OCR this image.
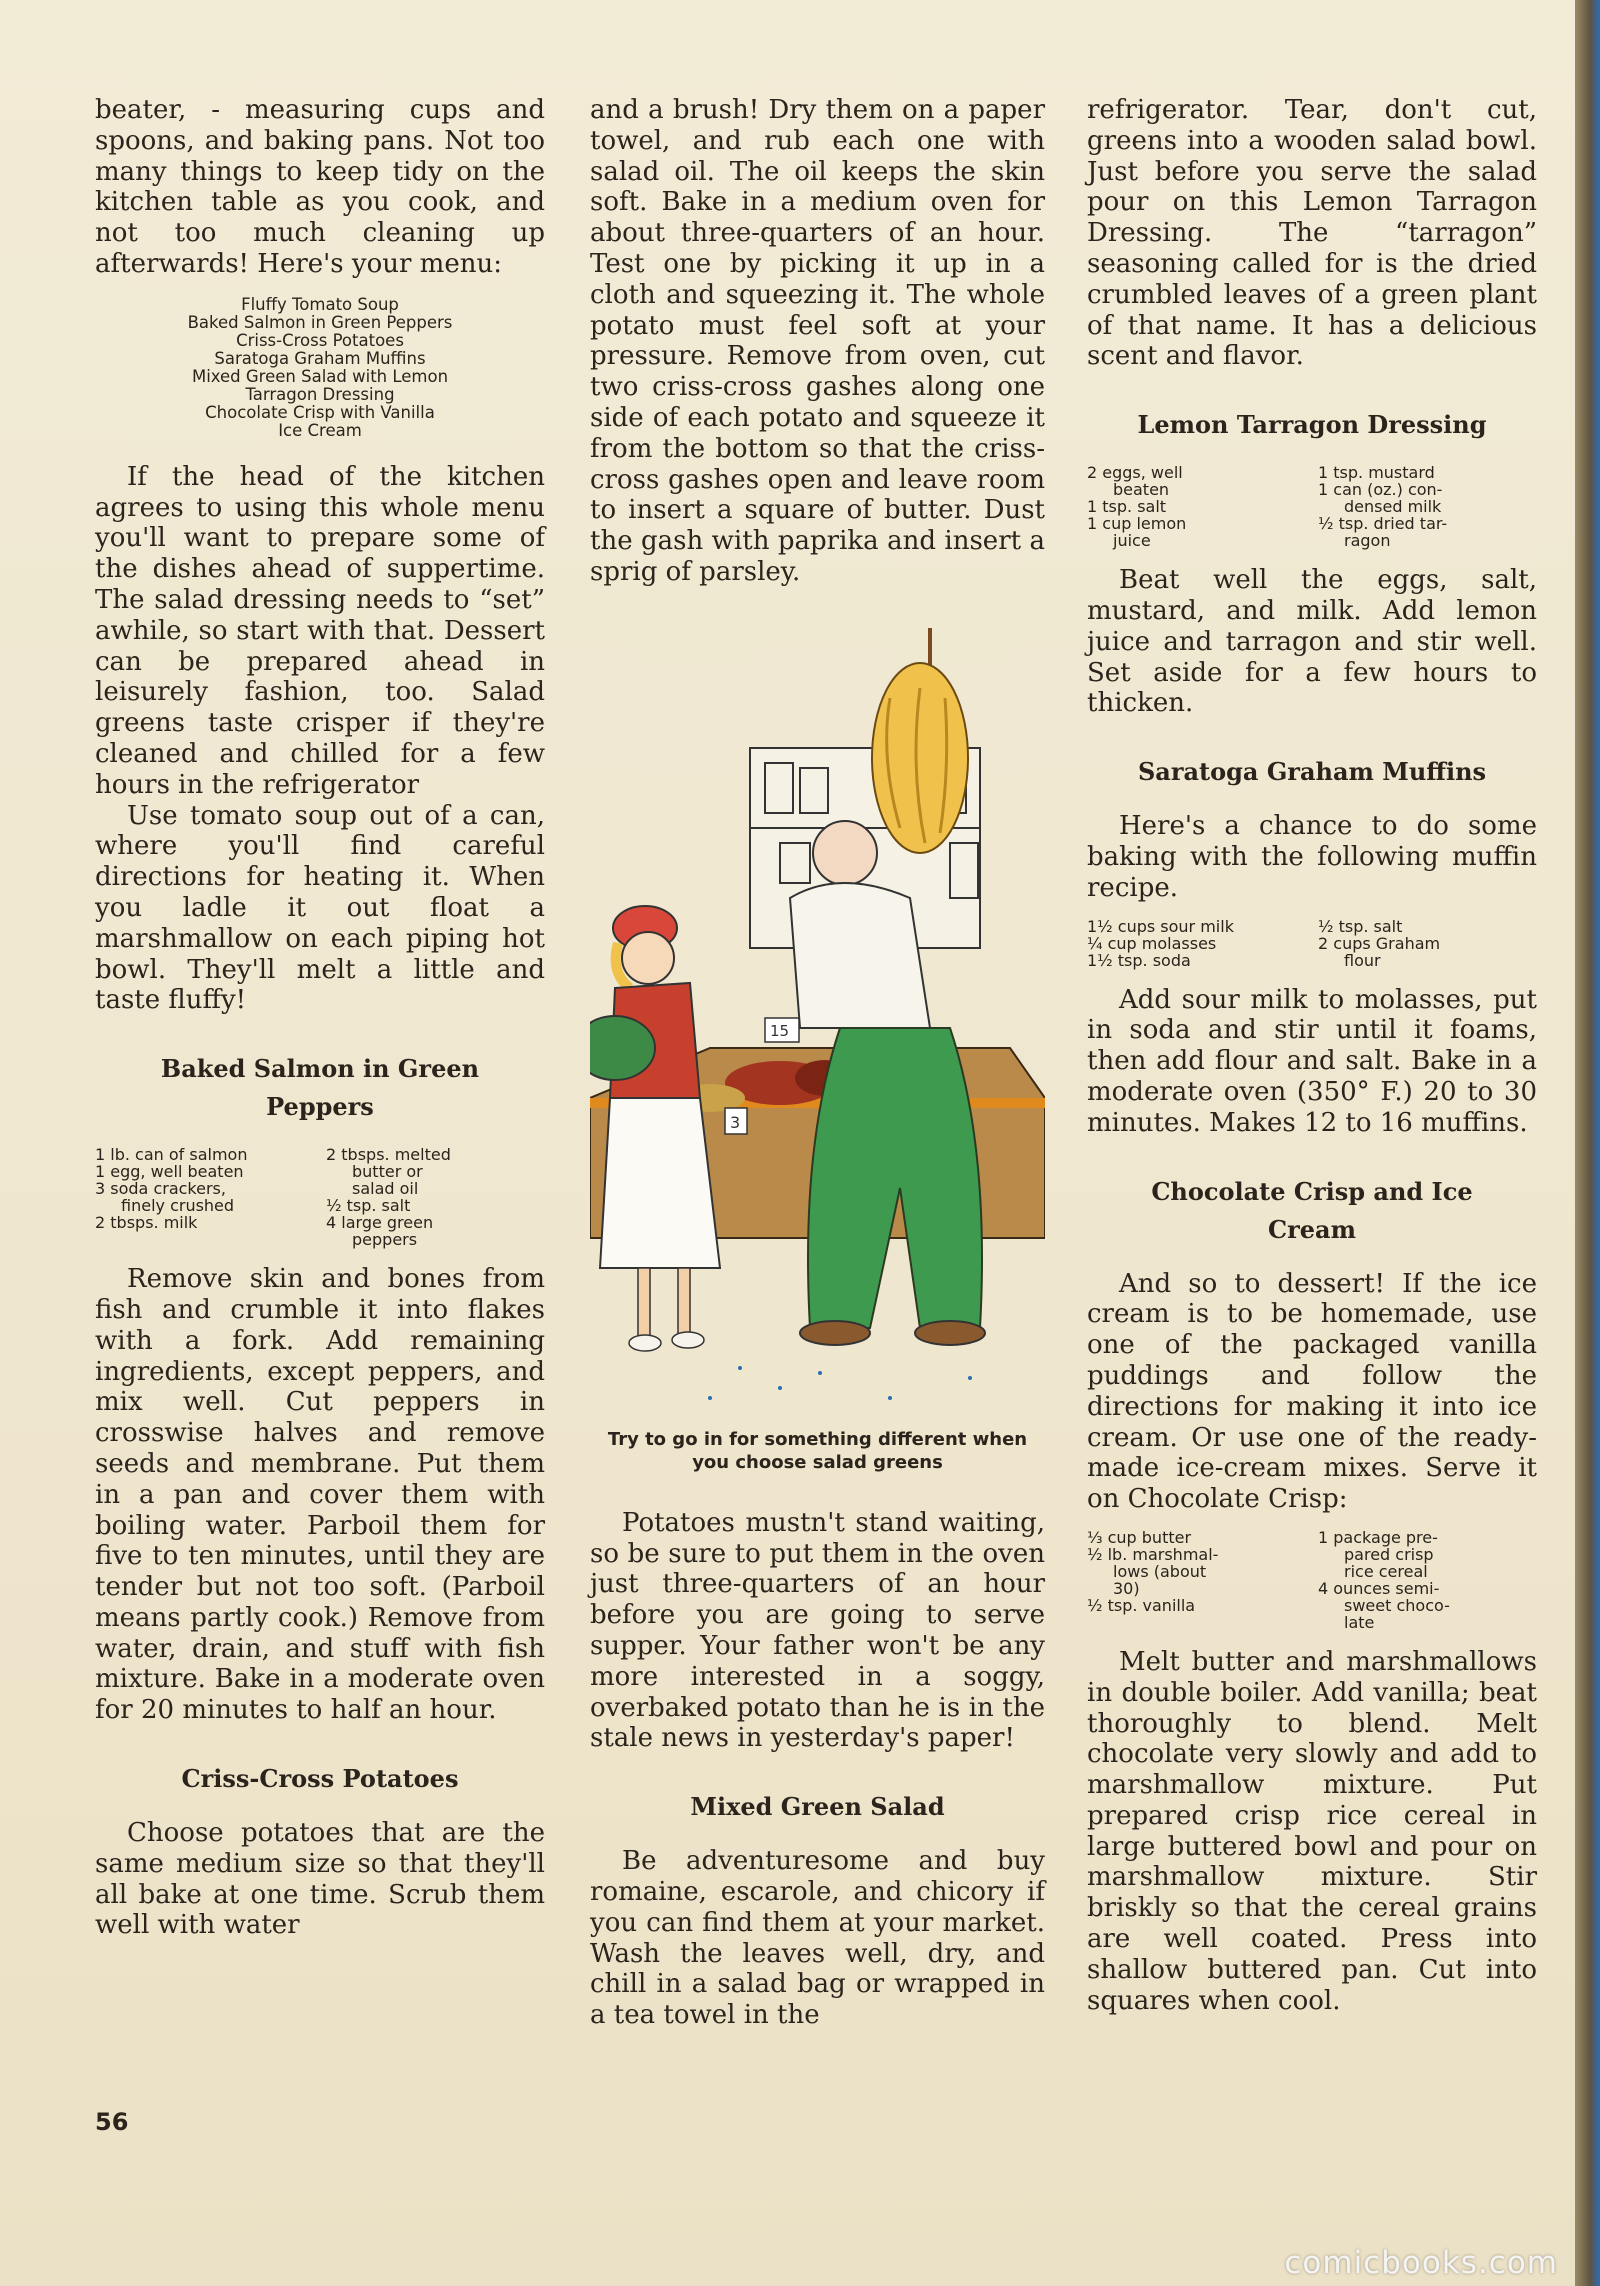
beater, - measuring cups and spoons, and baking pans. Not too many things to keep tidy on the kitchen table as you cook, and not too much cleaning up afterwards! Here's your menu:

Fluffy Tomato Soup
Baked Salmon in Green Peppers
Criss-Cross Potatoes
Saratoga Graham Muffins
Mixed Green Salad with Lemon
Tarragon Dressing
Chocolate Crisp with Vanilla
Ice Cream

If the head of the kitchen agrees to using this whole menu you'll want to prepare some of the dishes ahead of suppertime. The salad dressing needs to “set” awhile, so start with that. Dessert can be prepared ahead in leisurely fashion, too. Salad greens taste crisper if they're cleaned and chilled for a few hours in the refrigerator

Use tomato soup out of a can, where you'll find careful directions for heating it. When you ladle it out float a marshmallow on each piping hot bowl. They'll melt a little and taste fluffy!

Baked Salmon in Green
Peppers
1 lb. can of salmon
1 egg, well beaten
3 soda crackers,
finely crushed
2 tbsps. milk
2 tbsps. melted
butter or
salad oil
½ tsp. salt
4 large green
peppers

Remove skin and bones from fish and crumble it into flakes with a fork. Add remaining ingredients, except peppers, and mix well. Cut peppers in crosswise halves and remove seeds and membrane. Put them in a pan and cover them with boiling water. Parboil them for five to ten minutes, until they are tender but not too soft. (Parboil means partly cook.) Remove from water, drain, and stuff with fish mixture. Bake in a moderate oven for 20 minutes to half an hour.

Criss-Cross Potatoes

Choose potatoes that are the same medium size so that they'll all bake at one time. Scrub them well with water

and a brush! Dry them on a paper towel, and rub each one with salad oil. The oil keeps the skin soft. Bake in a medium oven for about three-quarters of an hour. Test one by picking it up in a cloth and squeezing it. The whole potato must feel soft at your pressure. Remove from oven, cut two criss-cross gashes along one side of each potato and squeeze it from the bottom so that the criss-cross gashes open and leave room to insert a square of butter. Dust the gash with paprika and insert a sprig of parsley.

3
15
Try to go in for something different when
you choose salad greens

Potatoes mustn't stand waiting, so be sure to put them in the oven just three-quarters of an hour before you are going to serve supper. Your father won't be any more interested in a soggy, overbaked potato than he is in the stale news in yesterday's paper!

Mixed Green Salad

Be adventuresome and buy romaine, escarole, and chicory if you can find them at your market. Wash the leaves well, dry, and chill in a salad bag or wrapped in a tea towel in the

refrigerator. Tear, don't cut, greens into a wooden salad bowl. Just before you serve the salad pour on this Lemon Tarragon Dressing. The “tarragon” seasoning called for is the dried crumbled leaves of a green plant of that name. It has a delicious scent and flavor.

Lemon Tarragon Dressing
2 eggs, well
beaten
1 tsp. salt
1 cup lemon
juice
1 tsp. mustard
1 can (oz.) con-
densed milk
½ tsp. dried tar-
ragon

Beat well the eggs, salt, mustard, and milk. Add lemon juice and tarragon and stir well. Set aside for a few hours to thicken.

Saratoga Graham Muffins

Here's a chance to do some baking with the following muffin recipe.

1½ cups sour milk
¼ cup molasses
1½ tsp. soda
½ tsp. salt
2 cups Graham
flour

Add sour milk to molasses, put in soda and stir until it foams, then add flour and salt. Bake in a moderate oven (350° F.) 20 to 30 minutes. Makes 12 to 16 muffins.

Chocolate Crisp and Ice
Cream

And so to dessert! If the ice cream is to be homemade, use one of the packaged vanilla puddings and follow the directions for making it into ice cream. Or use one of the ready-made ice-cream mixes. Serve it on Chocolate Crisp:

⅓ cup butter
½ lb. marshmal-
lows (about
30)
½ tsp. vanilla
1 package pre-
pared crisp
rice cereal
4 ounces semi-
sweet choco-
late

Melt butter and marshmallows in double boiler. Add vanilla; beat thoroughly to blend. Melt chocolate very slowly and add to marshmallow mixture. Put prepared crisp rice cereal in large buttered bowl and pour on marshmallow mixture. Stir briskly so that the cereal grains are well coated. Press into shallow buttered pan. Cut into squares when cool.

56
comicbooks.com
